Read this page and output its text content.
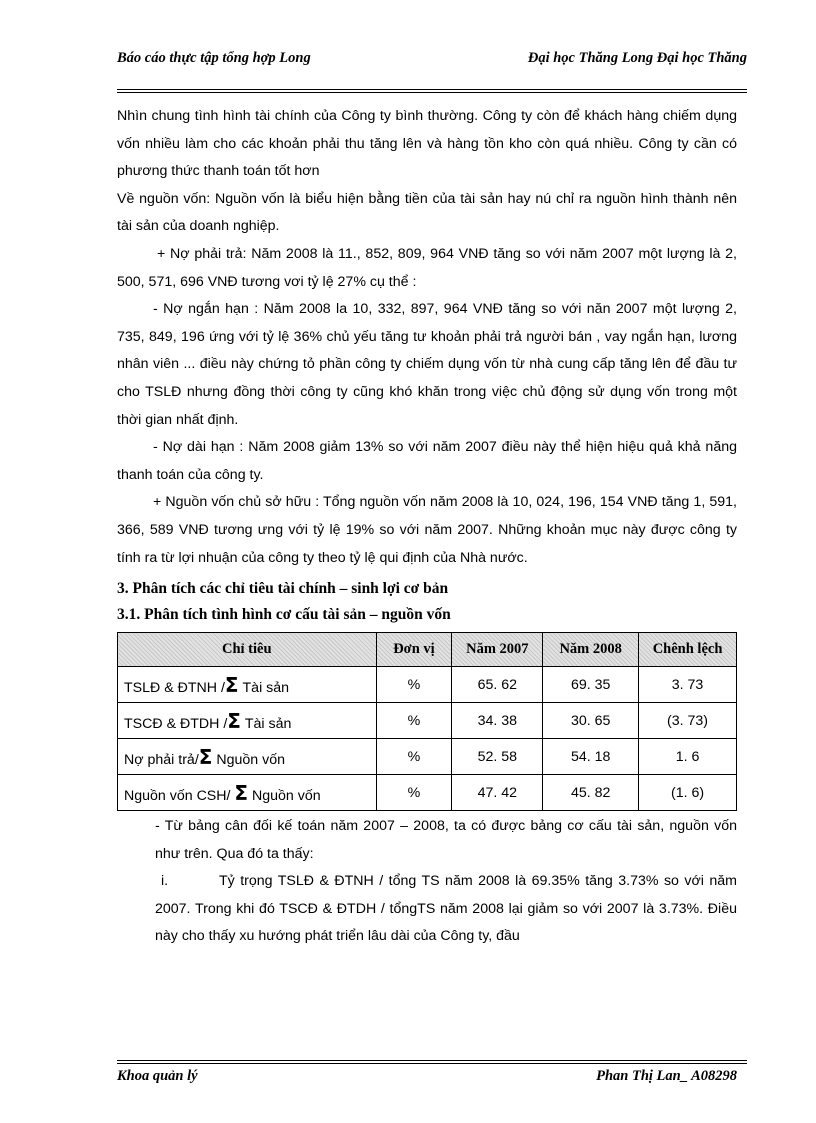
Báo cáo thực tập tổng hợp Long	Đại học Thăng Long Đại học Thăng

Nhìn chung tình hình tài chính của Công ty bình thường. Công ty còn để khách hàng chiếm dụng vốn nhiều làm cho các khoản phải thu tăng lên và hàng tồn kho còn quá nhiều. Công ty cần có phương thức thanh toán tốt hơn

Về nguồn vốn: Nguồn vốn là biểu hiện bằng tiền của tài sản hay nú chỉ ra nguồn hình thành nên tài sản của doanh nghiệp.

+ Nợ phải trả: Năm 2008 là 11., 852, 809, 964 VNĐ tăng so với năm 2007 một lượng là 2, 500, 571, 696 VNĐ tương vơi tỷ lệ 27% cụ thể :

- Nợ ngắn hạn : Năm 2008 la 10, 332, 897, 964 VNĐ tăng so với năn 2007 một lượng 2, 735, 849, 196 ứng với tỷ lệ 36% chủ yếu tăng tư khoản phải trả người bán , vay ngắn hạn, lương nhân viên ... điều này chứng tỏ phần công ty chiếm dụng vốn từ nhà cung cấp tăng lên để đầu tư cho TSLĐ nhưng đồng thời công ty cũng khó khăn trong việc chủ động sử dụng vốn trong một thời gian nhất định.

- Nợ dài hạn : Năm 2008 giảm 13% so với năm 2007 điều này thể hiện hiệu quả khả năng thanh toán của công ty.

+ Nguồn vốn chủ sở hữu : Tổng nguồn vốn năm 2008 là 10, 024, 196, 154 VNĐ tăng 1, 591, 366, 589 VNĐ tương ưng với tỷ lệ 19% so với năm 2007. Những khoản mục này được công ty tính ra từ lợi nhuận của công ty theo tỷ lệ qui định của Nhà nước.

3. Phân tích các chỉ tiêu tài chính – sinh lợi cơ bản

3.1. Phân tích tình hình cơ cấu tài sản – nguồn vốn

Chỉ tiêu	Đơn vị	Năm 2007	Năm 2008	Chênh lệch
TSLĐ & ĐTNH /Σ Tài sản	%	65. 62	69. 35	3. 73
TSCĐ & ĐTDH /Σ Tài sản	%	34. 38	30. 65	(3. 73)
Nợ phải trả/Σ Nguồn vốn	%	52. 58	54. 18	1. 6
Nguồn vốn CSH/ Σ Nguồn vốn	%	47. 42	45. 82	(1. 6)

- Từ bảng cân đối kế toán năm 2007 – 2008, ta có được bảng cơ cấu tài sản, nguồn vốn như trên. Qua đó ta thấy:

i.	Tỷ trọng TSLĐ & ĐTNH / tổng TS năm 2008 là 69.35% tăng 3.73% so với năm 2007. Trong khi đó TSCĐ & ĐTDH / tổngTS năm 2008 lại giảm so với 2007 là 3.73%. Điều này cho thấy xu hướng phát triển lâu dài của Công ty, đầu

Khoa quản lý	Phan Thị Lan_ A08298
